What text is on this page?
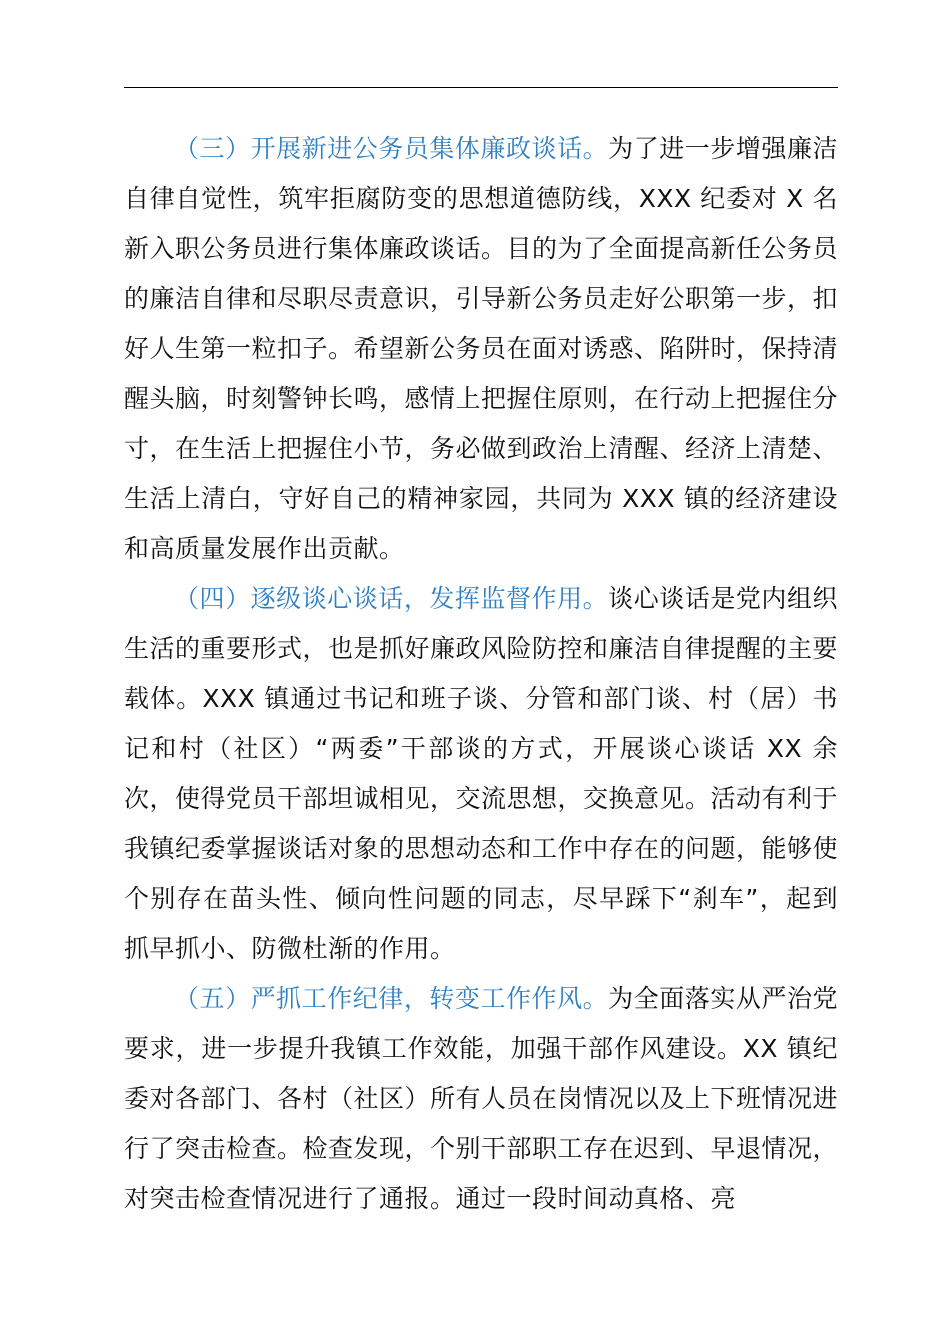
（三）开展新进公务员集体廉政谈话。为了进一步增强廉洁自律自觉性，筑牢拒腐防变的思想道德防线，XXX 纪委对 X 名新入职公务员进行集体廉政谈话。目的为了全面提高新任公务员的廉洁自律和尽职尽责意识，引导新公务员走好公职第一步，扣好人生第一粒扣子。希望新公务员在面对诱惑、陷阱时，保持清醒头脑，时刻警钟长鸣，感情上把握住原则，在行动上把握住分寸，在生活上把握住小节，务必做到政治上清醒、经济上清楚、生活上清白，守好自己的精神家园，共同为 XXX 镇的经济建设和高质量发展作出贡献。

（四）逐级谈心谈话，发挥监督作用。谈心谈话是党内组织生活的重要形式，也是抓好廉政风险防控和廉洁自律提醒的主要载体。XXX 镇通过书记和班子谈、分管和部门谈、村（居）书记和村（社区）“两委”干部谈的方式，开展谈心谈话 XX 余次，使得党员干部坦诚相见，交流思想，交换意见。活动有利于我镇纪委掌握谈话对象的思想动态和工作中存在的问题，能够使个别存在苗头性、倾向性问题的同志，尽早踩下“刹车”，起到抓早抓小、防微杜渐的作用。

（五）严抓工作纪律，转变工作作风。为全面落实从严治党要求，进一步提升我镇工作效能，加强干部作风建设。XX 镇纪委对各部门、各村（社区）所有人员在岗情况以及上下班情况进行了突击检查。检查发现，个别干部职工存在迟到、早退情况，对突击检查情况进行了通报。通过一段时间动真格、亮
